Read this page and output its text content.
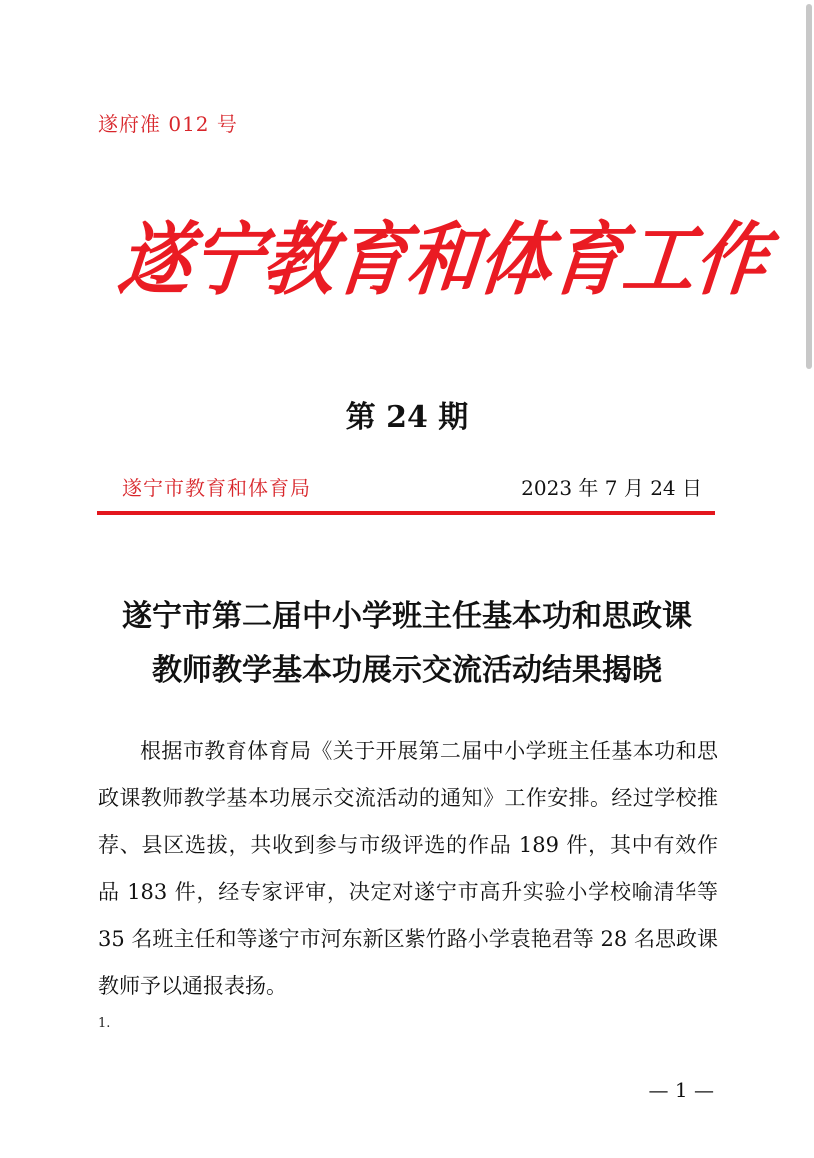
遂府准 012 号
遂
宁
教
育
和
体
育
工
作
第 24 期
遂宁市教育和体育局	2023 年 7 月 24 日
遂宁市第二届中小学班主任基本功和思政课
教师教学基本功展示交流活动结果揭晓

根据市教育体育局《关于开展第二届中小学班主任基本功和思政课教师教学基本功展示交流活动的通知》工作安排。经过学校推荐、县区选拔，共收到参与市级评选的作品 189 件，其中有效作品 183 件，经专家评审，决定对遂宁市高升实验小学校喻清华等 35 名班主任和等遂宁市河东新区紫竹路小学袁艳君等 28 名思政课教师予以通报表扬。

1.
— 1 —
